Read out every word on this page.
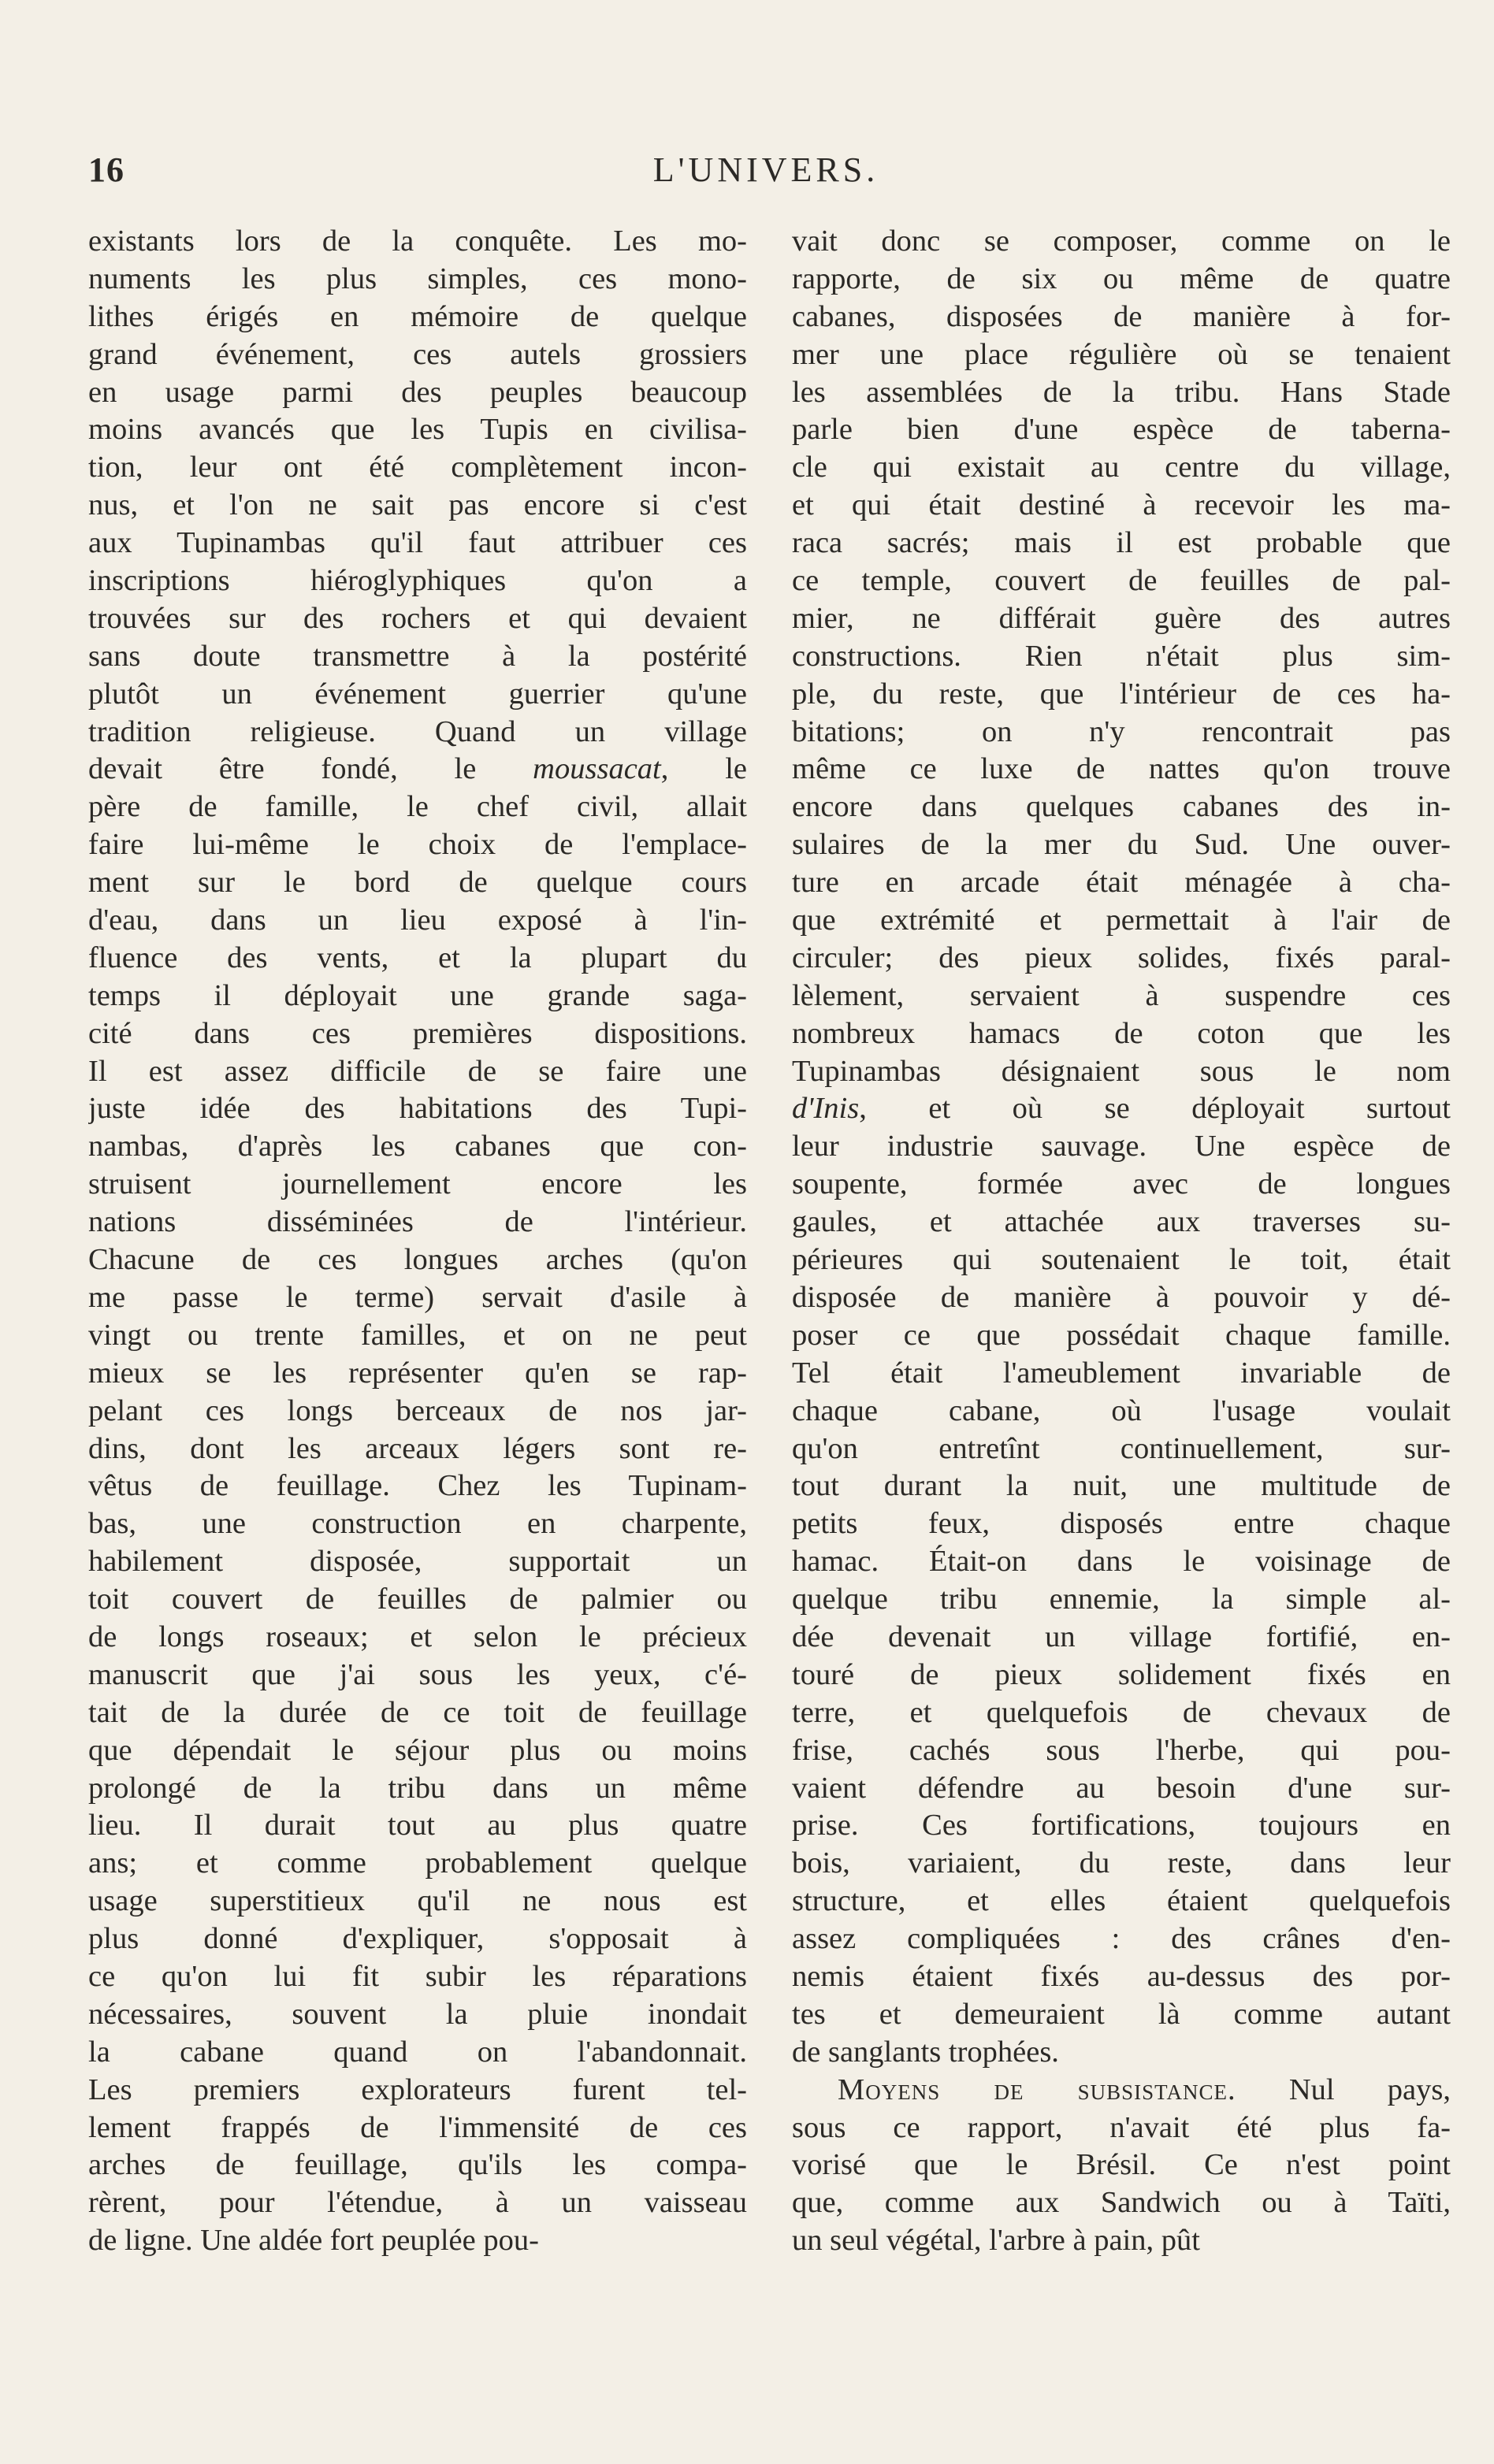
L'UNIVERS.
16
existants lors de la conquête. Les mo-
numents les plus simples, ces mono-
lithes érigés en mémoire de quelque
grand événement, ces autels grossiers
en usage parmi des peuples beaucoup
moins avancés que les Tupis en civilisa-
tion, leur ont été complètement incon-
nus, et l'on ne sait pas encore si c'est
aux Tupinambas qu'il faut attribuer ces
inscriptions hiéroglyphiques qu'on a
trouvées sur des rochers et qui devaient
sans doute transmettre à la postérité
plutôt un événement guerrier qu'une
tradition religieuse. Quand un village
devait être fondé, le moussacat, le
père de famille, le chef civil, allait
faire lui-même le choix de l'emplace-
ment sur le bord de quelque cours
d'eau, dans un lieu exposé à l'in-
fluence des vents, et la plupart du
temps il déployait une grande saga-
cité dans ces premières dispositions.
Il est assez difficile de se faire une
juste idée des habitations des Tupi-
nambas, d'après les cabanes que con-
struisent journellement encore les
nations disséminées de l'intérieur.
Chacune de ces longues arches (qu'on
me passe le terme) servait d'asile à
vingt ou trente familles, et on ne peut
mieux se les représenter qu'en se rap-
pelant ces longs berceaux de nos jar-
dins, dont les arceaux légers sont re-
vêtus de feuillage. Chez les Tupinam-
bas, une construction en charpente,
habilement disposée, supportait un
toit couvert de feuilles de palmier ou
de longs roseaux; et selon le précieux
manuscrit que j'ai sous les yeux, c'é-
tait de la durée de ce toit de feuillage
que dépendait le séjour plus ou moins
prolongé de la tribu dans un même
lieu. Il durait tout au plus quatre
ans; et comme probablement quelque
usage superstitieux qu'il ne nous est
plus donné d'expliquer, s'opposait à
ce qu'on lui fit subir les réparations
nécessaires, souvent la pluie inondait
la cabane quand on l'abandonnait.
Les premiers explorateurs furent tel-
lement frappés de l'immensité de ces
arches de feuillage, qu'ils les compa-
rèrent, pour l'étendue, à un vaisseau
de ligne. Une aldée fort peuplée pou-
vait donc se composer, comme on le
rapporte, de six ou même de quatre
cabanes, disposées de manière à for-
mer une place régulière où se tenaient
les assemblées de la tribu. Hans Stade
parle bien d'une espèce de taberna-
cle qui existait au centre du village,
et qui était destiné à recevoir les ma-
raca sacrés; mais il est probable que
ce temple, couvert de feuilles de pal-
mier, ne différait guère des autres
constructions. Rien n'était plus sim-
ple, du reste, que l'intérieur de ces ha-
bitations; on n'y rencontrait pas
même ce luxe de nattes qu'on trouve
encore dans quelques cabanes des in-
sulaires de la mer du Sud. Une ouver-
ture en arcade était ménagée à cha-
que extrémité et permettait à l'air de
circuler; des pieux solides, fixés paral-
lèlement, servaient à suspendre ces
nombreux hamacs de coton que les
Tupinambas désignaient sous le nom
d'Inis, et où se déployait surtout
leur industrie sauvage. Une espèce de
soupente, formée avec de longues
gaules, et attachée aux traverses su-
périeures qui soutenaient le toit, était
disposée de manière à pouvoir y dé-
poser ce que possédait chaque famille.
Tel était l'ameublement invariable de
chaque cabane, où l'usage voulait
qu'on entretînt continuellement, sur-
tout durant la nuit, une multitude de
petits feux, disposés entre chaque
hamac. Était-on dans le voisinage de
quelque tribu ennemie, la simple al-
dée devenait un village fortifié, en-
touré de pieux solidement fixés en
terre, et quelquefois de chevaux de
frise, cachés sous l'herbe, qui pou-
vaient défendre au besoin d'une sur-
prise. Ces fortifications, toujours en
bois, variaient, du reste, dans leur
structure, et elles étaient quelquefois
assez compliquées : des crânes d'en-
nemis étaient fixés au-dessus des por-
tes et demeuraient là comme autant
de sanglants trophées.
Moyens de subsistance. Nul pays,
sous ce rapport, n'avait été plus fa-
vorisé que le Brésil. Ce n'est point
que, comme aux Sandwich ou à Taïti,
un seul végétal, l'arbre à pain, pût
